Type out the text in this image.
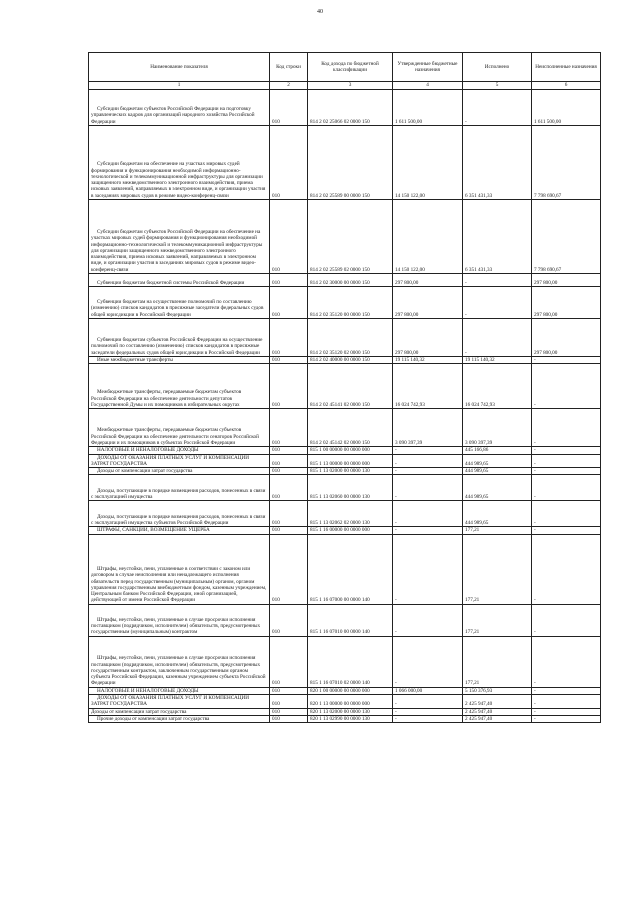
40
Наименование показателя	Код строки	Код дохода по бюджетной классификации	Утвержденные бюджетные назначения	Исполнено	Неисполненные назначения
1	2	3	4	5	6
Субсидии бюджетам субъектов Российской Федерации на подготовку управленческих кадров для организаций народного хозяйства Российской Федерации	010	814 2 02 25066 02 0000 150	1 611 500,00	-	1 611 500,00
Субсидии бюджетам на обеспечение на участках мировых судей формирования и функционирования необходимой информационно-технологической и телекоммуникационной инфраструктуры для организации защищенного межведомственного электронного взаимодействия, приема исковых заявлений, направляемых в электронном виде, и организации участия в заседаниях мировых судов в режиме видео-конференц-связи	010	814 2 02 25589 00 0000 150	14 150 122,00	6 351 431,33	7 798 690,67
Субсидии бюджетам субъектов Российской Федерации на обеспечение на участках мировых судей формирования и функционирования необходимой информационно-технологической и телекоммуникационной инфраструктуры для организации защищенного межведомственного электронного взаимодействия, приема исковых заявлений, направляемых в электронном виде, и организации участия в заседаниях мировых судов в режиме видео-конференц-связи	010	814 2 02 25589 02 0000 150	14 150 122,00	6 351 431,33	7 798 690,67
Субвенции бюджетам бюджетной системы Российской Федерации	010	814 2 02 30000 00 0000 150	297 800,00	-	297 800,00
Субвенции бюджетам на осуществление полномочий по составлению (изменению) списков кандидатов в присяжные заседатели федеральных судов общей юрисдикции в Российской Федерации	010	814 2 02 35120 00 0000 150	297 800,00	-	297 800,00
Субвенции бюджетам субъектов Российской Федерации на осуществление полномочий по составлению (изменению) списков кандидатов в присяжные заседатели федеральных судов общей юрисдикции в Российской Федерации	010	814 2 02 35120 02 0000 150	297 800,00	-	297 800,00
Иные межбюджетные трансферты	010	814 2 02 40000 00 0000 150	19 115 140,32	19 115 140,32	-
Межбюджетные трансферты, передаваемые бюджетам субъектов Российской Федерации на обеспечение деятельности депутатов Государственной Думы и их помощников в избирательных округах	010	814 2 02 45141 02 0000 150	16 024 742,93	16 024 742,93	-
Межбюджетные трансферты, передаваемые бюджетам субъектов Российской Федерации на обеспечение деятельности сенаторов Российской Федерации и их помощников в субъектах Российской Федерации	010	814 2 02 45142 02 0000 150	3 090 397,39	3 090 397,39	-
НАЛОГОВЫЕ И НЕНАЛОГОВЫЕ ДОХОДЫ	010	815 1 00 00000 00 0000 000	-	445 166,86	-
ДОХОДЫ ОТ ОКАЗАНИЯ ПЛАТНЫХ УСЛУГ И КОМПЕНСАЦИИ ЗАТРАТ ГОСУДАРСТВА	010	815 1 13 00000 00 0000 000	-	444 989,65	-
Доходы от компенсации затрат государства	010	815 1 13 02000 00 0000 130	-	444 989,65	-
Доходы, поступающие в порядке возмещения расходов, понесенных в связи с эксплуатацией имущества	010	815 1 13 02060 00 0000 130	-	444 989,65	-
Доходы, поступающие в порядке возмещения расходов, понесенных в связи с эксплуатацией имущества субъектов Российской Федерации	010	815 1 13 02062 02 0000 130	-	444 989,65	-
ШТРАФЫ, САНКЦИИ, ВОЗМЕЩЕНИЕ УЩЕРБА	010	815 1 16 00000 00 0000 000	-	177,21	-
Штрафы, неустойки, пени, уплаченные в соответствии с законом или договором в случае неисполнения или ненадлежащего исполнения обязательств перед государственным (муниципальным) органом, органом управления государственным внебюджетным фондом, казенным учреждением, Центральным банком Российской Федерации, иной организацией, действующей от имени Российской Федерации	010	815 1 16 07000 00 0000 140	-	177,21	-
Штрафы, неустойки, пени, уплаченные в случае просрочки исполнения поставщиком (подрядчиком, исполнителем) обязательств, предусмотренных государственным (муниципальным) контрактом	010	815 1 16 07010 00 0000 140	-	177,21	-
Штрафы, неустойки, пени, уплаченные в случае просрочки исполнения поставщиком (подрядчиком, исполнителем) обязательств, предусмотренных государственным контрактом, заключенным государственным органом субъекта Российской Федерации, казенным учреждением субъекта Российской Федерации	010	815 1 16 07010 02 0000 140	-	177,21	-
НАЛОГОВЫЕ И НЕНАЛОГОВЫЕ ДОХОДЫ	010	820 1 00 00000 00 0000 000	1 066 000,00	5 150 376,93	-
ДОХОДЫ ОТ ОКАЗАНИЯ ПЛАТНЫХ УСЛУГ И КОМПЕНСАЦИИ ЗАТРАТ ГОСУДАРСТВА	010	820 1 13 00000 00 0000 000	-	2 425 947,40	-
Доходы от компенсации затрат государства	010	820 1 13 02000 00 0000 130	-	2 425 947,40	-
Прочие доходы от компенсации затрат государства	010	820 1 13 02990 00 0000 130	-	2 425 947,40	-
